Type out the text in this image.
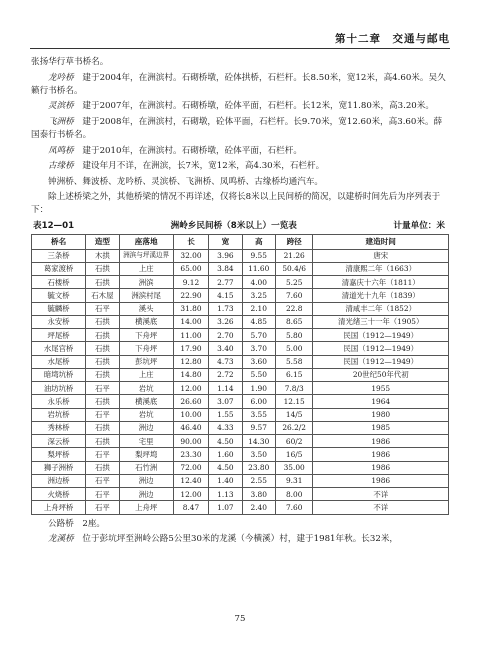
第十二章　交通与邮电

张扬华行草书桥名。

龙吟桥　 建于2004年，在洲滨村。石砌桥墩，砼体拱桥，石栏杆。长8.50米，宽12米，高4.60米。吴久籁行书桥名。

灵滨桥　 建于2007年，在洲滨村。石砌桥墩，砼体平面，石栏杆。长12米，宽11.80米，高3.20米。

飞洲桥　 建于2008年，在洲滨村，石砌墩，砼体平面，石栏杆。长9.70米，宽12.60米，高3.60米。薛国泰行书桥名。

凤鸣桥　 建于2010年，在洲滨村。石砌桥墩，砼体平面，石栏杆。

古缘桥　 建设年月不详，在洲滨，长7米，宽12米，高4.30米，石栏杆。

钟洲桥、舞波桥、龙吟桥、灵滨桥、飞洲桥、凤鸣桥、古缘桥均通汽车。

除上述桥梁之外，其他桥梁的情况不再详述，仅将长8米以上民间桥的简况，以建桥时间先后为序列表于下：

表12—01	洲岭乡民间桥（8米以上）一览表	计量单位：米
桥名	造型	座落地	长	宽	高	跨径	建造时间
三条桥	木拱	洲滨与坪溪边界	32.00	3.96	9.55	21.26	唐宋
葛家渡桥	石拱	上庄	65.00	3.84	11.60	50.4/6	清康熙二年（1663）
石楼桥	石拱	洲滨	9.12	2.77	4.00	5.25	清嘉庆十六年（1811）
毓文桥	石木屋	洲滨村尾	22.90	4.15	3.25	7.60	清道光十九年（1839）
毓麟桥	石平	溪头	31.80	1.73	2.10	22.8	清咸丰二年（1852）
永安桥	石拱	横溪底	14.00	3.26	4.85	8.65	清光绪三十一年（1905）
坪尾桥	石拱	下舟坪	11.00	2.70	5.70	5.80	民国（1912—1949）
水尾宫桥	石拱	下舟坪	17.90	3.40	3.70	5.00	民国（1912—1949）
水尾桥	石拱	彭坑坪	12.80	4.73	3.60	5.58	民国（1912—1949）
暗塆坑桥	石拱	上庄	14.80	2.72	5.50	6.15	20世纪50年代初
油坊坑桥	石平	岩坑	12.00	1.14	1.90	7.8/3	1955
永乐桥	石拱	横溪底	26.60	3.07	6.00	12.15	1964
岩坑桥	石平	岩坑	10.00	1.55	3.55	14/5	1980
秀林桥	石拱	洲边	46.40	4.33	9.57	26.2/2	1985
深云桥	石拱	宅里	90.00	4.50	14.30	60/2	1986
梨坪桥	石平	梨坪塆	23.30	1.60	3.50	16/5	1986
狮子洲桥	石拱	石竹洲	72.00	4.50	23.80	35.00	1986
洲边桥	石平	洲边	12.40	1.40	2.55	9.31	1986
火烧桥	石平	洲边	12.00	1.13	3.80	8.00	不详
上舟坪桥	石平	上舟坪	8.47	1.07	2.40	7.60	不详

公路桥　2座。

龙溪桥　 位于彭坑坪至洲岭公路5公里30米的龙溪（今横溪）村，建于1981年秋。长32米，

75
